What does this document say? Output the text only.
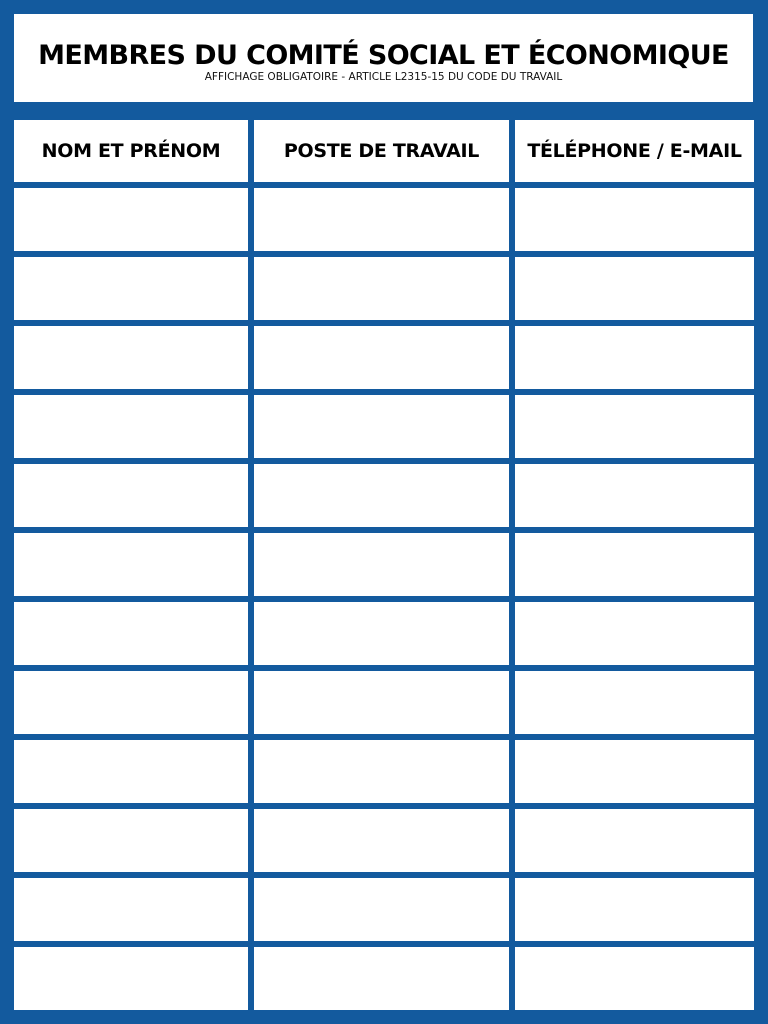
MEMBRES DU COMITÉ SOCIAL ET ÉCONOMIQUE

AFFICHAGE OBLIGATOIRE - ARTICLE L2315-15 DU CODE DU TRAVAIL

NOM ET PRÉNOM	POSTE DE TRAVAIL	TÉLÉPHONE / E-MAIL
